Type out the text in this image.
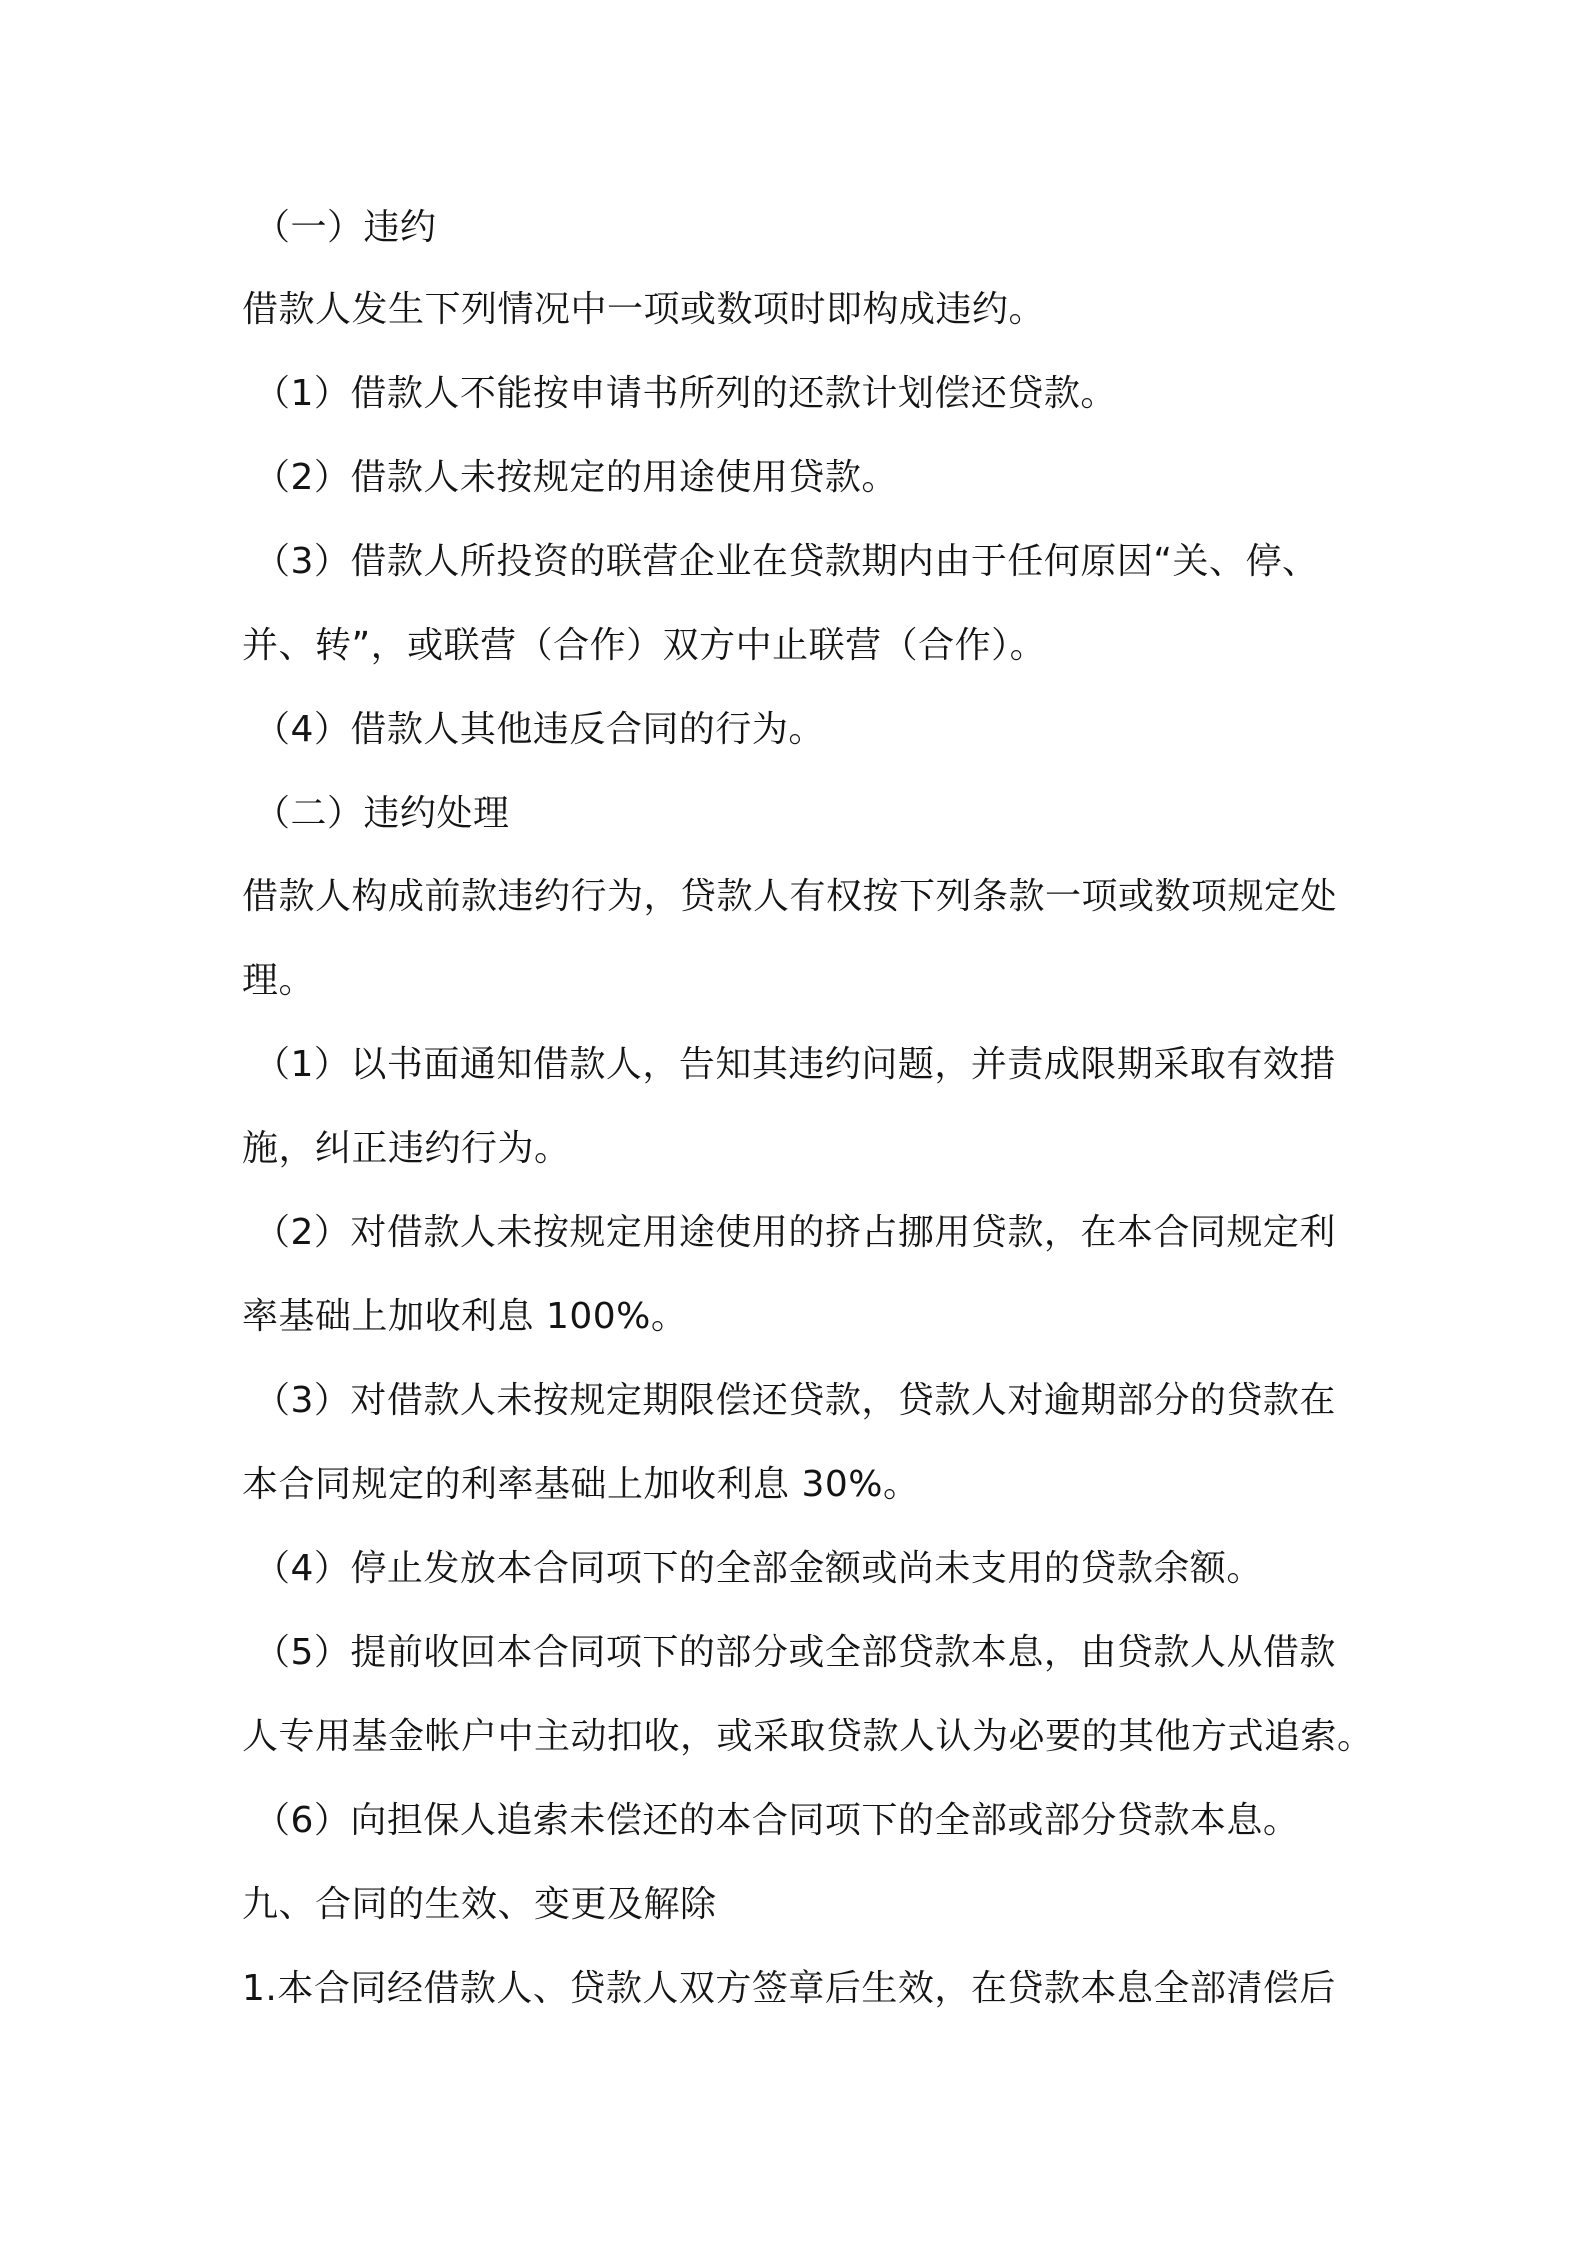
（一）违约

借款人发生下列情况中一项或数项时即构成违约。

（1）借款人不能按申请书所列的还款计划偿还贷款。

（2）借款人未按规定的用途使用贷款。

（3）借款人所投资的联营企业在贷款期内由于任何原因“关、停、

并、转”，或联营（合作）双方中止联营（合作）。

（4）借款人其他违反合同的行为。

（二）违约处理

借款人构成前款违约行为，贷款人有权按下列条款一项或数项规定处

理。

（1）以书面通知借款人，告知其违约问题，并责成限期采取有效措

施，纠正违约行为。

（2）对借款人未按规定用途使用的挤占挪用贷款，在本合同规定利

率基础上加收利息 100%。

（3）对借款人未按规定期限偿还贷款，贷款人对逾期部分的贷款在

本合同规定的利率基础上加收利息 30%。

（4）停止发放本合同项下的全部金额或尚未支用的贷款余额。

（5）提前收回本合同项下的部分或全部贷款本息，由贷款人从借款

人专用基金帐户中主动扣收，或采取贷款人认为必要的其他方式追索。

（6）向担保人追索未偿还的本合同项下的全部或部分贷款本息。

九、合同的生效、变更及解除

1.本合同经借款人、贷款人双方签章后生效，在贷款本息全部清偿后
